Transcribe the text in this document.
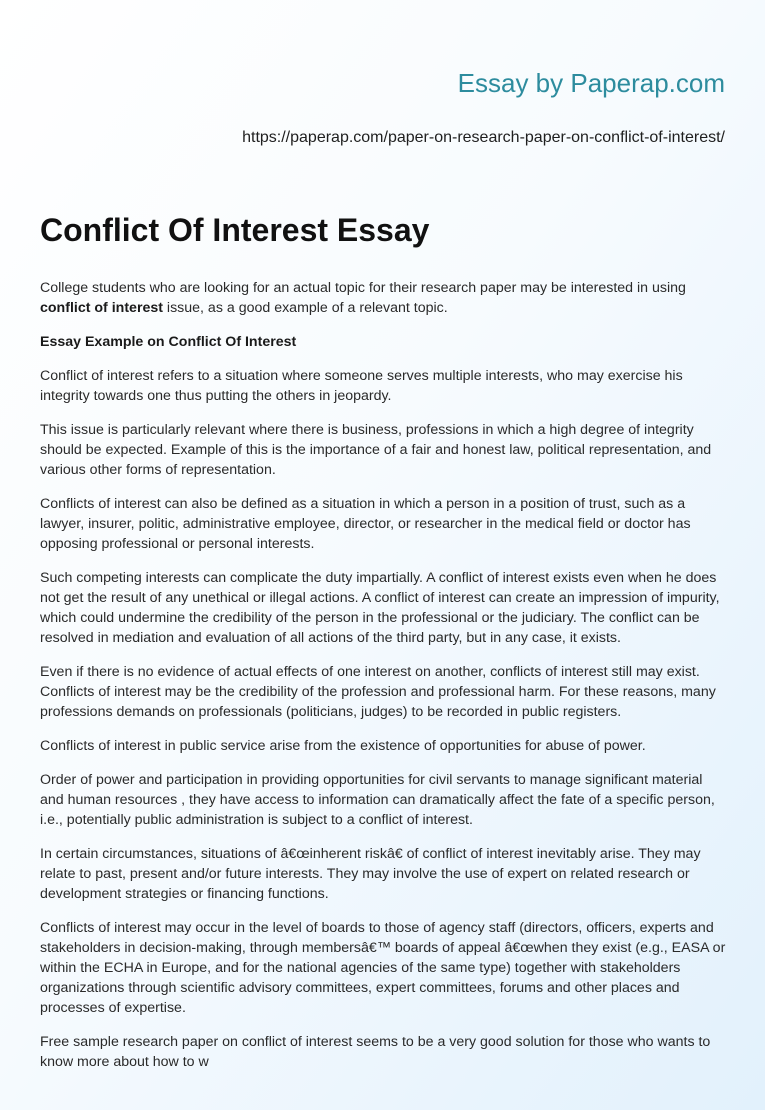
Essay by Paperap.com
https://paperap.com/paper-on-research-paper-on-conflict-of-interest/
Conflict Of Interest Essay

College students who are looking for an actual topic for their research paper may be interested in using conflict of interest issue, as a good example of a relevant topic.

Essay Example on Conflict Of Interest

Conflict of interest refers to a situation where someone serves multiple interests, who may exercise his integrity towards one thus putting the others in jeopardy.

This issue is particularly relevant where there is business, professions in which a high degree of integrity should be expected. Example of this is the importance of a fair and honest law, political representation, and various other forms of representation.

Conflicts of interest can also be defined as a situation in which a person in a position of trust, such as a lawyer, insurer, politic, administrative employee, director, or researcher in the medical field or doctor has opposing professional or personal interests.

Such competing interests can complicate the duty impartially. A conflict of interest exists even when he does not get the result of any unethical or illegal actions. A conflict of interest can create an impression of impurity, which could undermine the credibility of the person in the professional or the judiciary. The conflict can be resolved in mediation and evaluation of all actions of the third party, but in any case, it exists.

Even if there is no evidence of actual effects of one interest on another, conflicts of interest still may exist. Conflicts of interest may be the credibility of the profession and professional harm. For these reasons, many professions demands on professionals (politicians, judges) to be recorded in public registers.

Conflicts of interest in public service arise from the existence of opportunities for abuse of power.

Order of power and participation in providing opportunities for civil servants to manage significant material and human resources , they have access to information can dramatically affect the fate of a specific person, i.e., potentially public administration is subject to a conflict of interest.

In certain circumstances, situations of â€œinherent riskâ€ of conflict of interest inevitably arise. They may relate to past, present and/or future interests. They may involve the use of expert on related research or development strategies or financing functions.

Conflicts of interest may occur in the level of boards to those of agency staff (directors, officers, experts and stakeholders in decision-making, through membersâ€™ boards of appeal â€œwhen they exist (e.g., EASA or within the ECHA in Europe, and for the national agencies of the same type) together with stakeholders organizations through scientific advisory committees, expert committees, forums and other places and processes of expertise.

Free sample research paper on conflict of interest seems to be a very good solution for those who wants to know more about how to w
